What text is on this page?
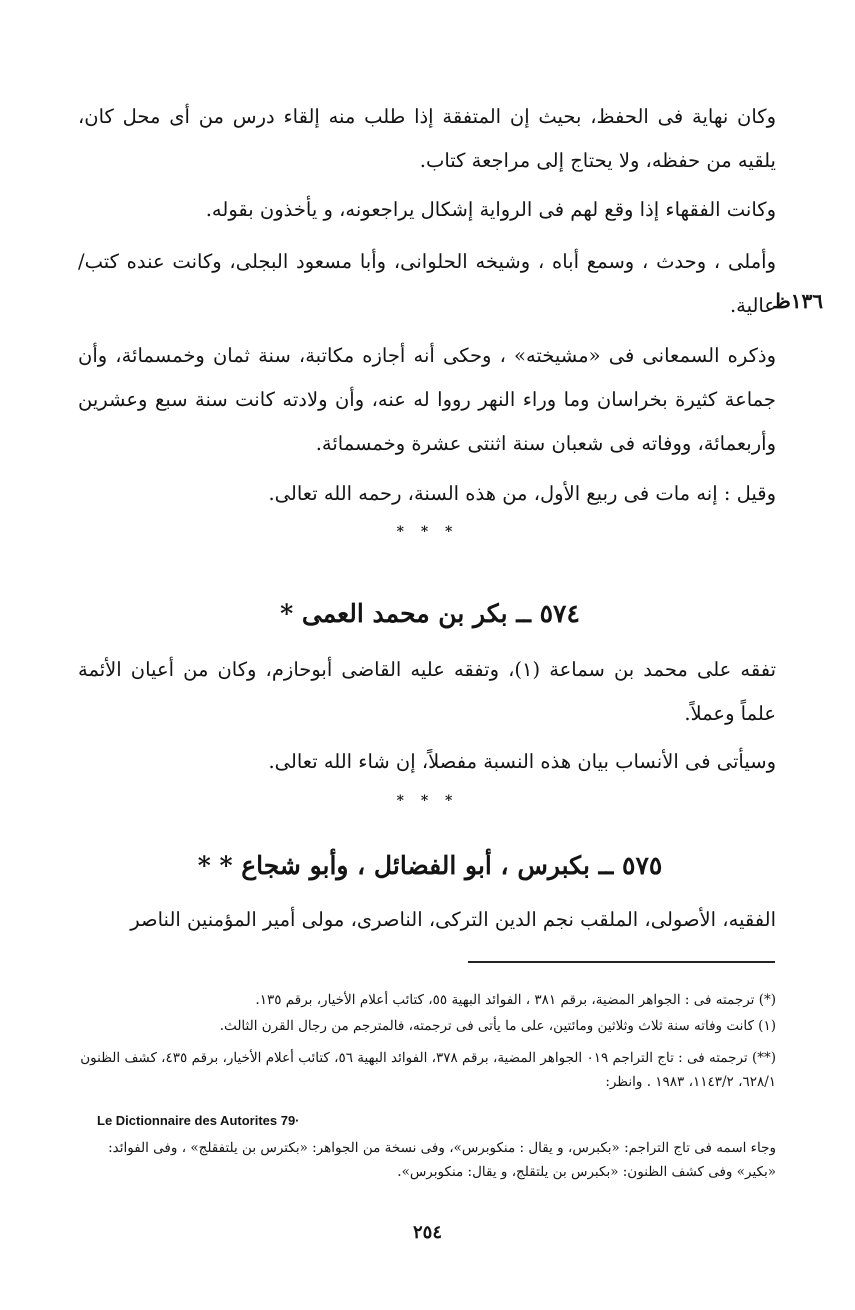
وكان نهاية فى الحفظ، بحيث إن المتفقة إذا طلب منه إلقاء درس من أى محل كان، يلقيه من حفظه، ولا يحتاج إلى مراجعة كتاب.
وكانت الفقهاء إذا وقع لهم فى الرواية إشكال يراجعونه، و يأخذون بقوله.
وأملى ، وحدث ، وسمع أباه ، وشيخه الحلوانى، وأبا مسعود البجلى، وكانت عنده كتب/ عالية.
١٣٦ظ
وذكره السمعانى فى «مشيخته» ، وحكى أنه أجازه مكاتبة، سنة ثمان وخمسمائة، وأن جماعة كثيرة بخراسان وما وراء النهر رووا له عنه، وأن ولادته كانت سنة سبع وعشرين وأربعمائة، ووفاته فى شعبان سنة اثنتى عشرة وخمسمائة.
وقيل : إنه مات فى ربيع الأول، من هذه السنة، رحمه الله تعالى.
* * *
٥٧٤ ــ بكر بن محمد العمى *
تفقه على محمد بن سماعة (١)، وتفقه عليه القاضى أبوحازم، وكان من أعيان الأئمة علماً وعملاً.
وسيأتى فى الأنساب بيان هذه النسبة مفصلاً، إن شاء الله تعالى.
* * *
٥٧٥ ــ بكبرس ، أبو الفضائل ، وأبو شجاع * *
الفقيه، الأصولى، الملقب نجم الدين التركى، الناصرى، مولى أمير المؤمنين الناصر
(*) ترجمته فى : الجواهر المضية، برقم ٣٨١ ، الفوائد البهية ٥٥، كتائب أعلام الأخيار، برقم ١٣٥.
(١) كانت وفاته سنة ثلاث وثلاثين ومائتين، على ما يأتى فى ترجمته، فالمترجم من رجال القرن الثالث.
(**) ترجمته فى : تاج التراجم ٠١٩ الجواهر المضية، برقم ٣٧٨، الفوائد البهية ٥٦، كتائب أعلام الأخيار، برقم ٤٣٥، كشف الظنون ٦٢٨/١، ١١٤٣/٢، ١٩٨٣ . وانظر:
Le Dictionnaire des Autorites 79·
وجاء اسمه فى تاج التراجم: «بكبرس، و يقال : منكوبرس»، وفى نسخة من الجواهر: «بكترس بن يلتفقلج» ، وفى الفوائد: «بكير» وفى كشف الظنون: «بكبرس بن يلتقلج، و يقال: منكوبرس».
٢٥٤
